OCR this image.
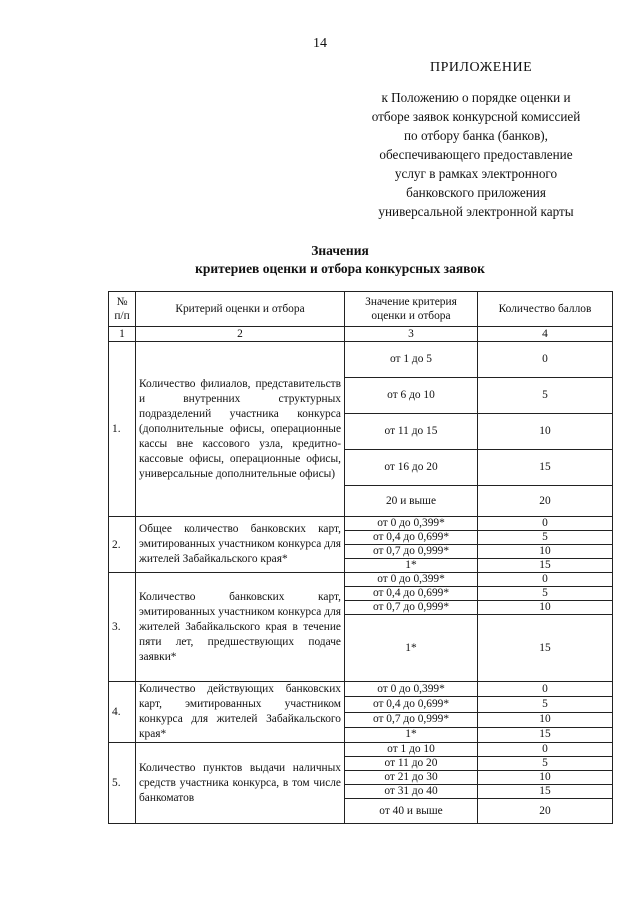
14
ПРИЛОЖЕНИЕ
к Положению о порядке оценки и
отборе заявок конкурсной комиссией
по отбору банка (банков),
обеспечивающего предоставление
услуг в рамках электронного
банковского приложения
универсальной электронной карты
Значения
критериев оценки и отбора конкурсных заявок
№ п/п	Критерий оценки и отбора	Значение критерия оценки и отбора	Количество баллов
1	2	3	4
1.	Количество филиалов, представительств и внутренних структурных подразделений участника конкурса (дополнительные офисы, операционные кассы вне кассового узла, кредитно-кассовые офисы, операционные офисы, универсальные дополнительные офисы)	от 1 до 5	0
		от 6 до 10	5
		от 11 до 15	10
		от 16 до 20	15
		20 и выше	20
2.	Общее количество банковских карт, эмитированных участником конкурса для жителей Забайкальского края*	от 0 до 0,399*	0
		от 0,4 до 0,699*	5
		от 0,7 до 0,999*	10
		1*	15
3.	Количество банковских карт, эмитированных участником конкурса для жителей Забайкальского края в течение пяти лет, предшествующих подаче заявки*	от 0 до 0,399*	0
		от 0,4 до 0,699*	5
		от 0,7 до 0,999*	10
		1*	15
4.	Количество действующих банковских карт, эмитированных участником конкурса для жителей Забайкальского края*	от 0 до 0,399*	0
		от 0,4 до 0,699*	5
		от 0,7 до 0,999*	10
		1*	15
5.	Количество пунктов выдачи наличных средств участника конкурса, в том числе банкоматов	от 1 до 10	0
		от 11 до 20	5
		от 21 до 30	10
		от 31 до 40	15
		от 40 и выше	20
